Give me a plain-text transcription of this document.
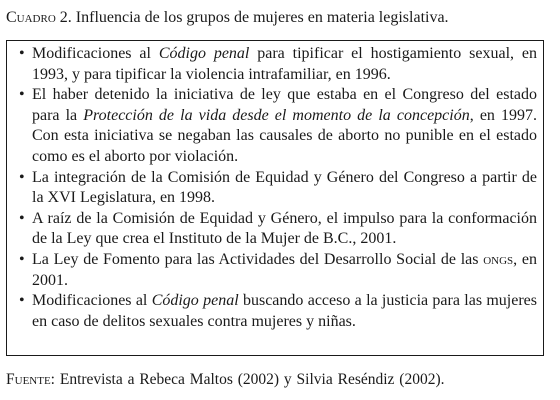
Cuadro 2. Influencia de los grupos de mujeres en materia legislativa.
• Modificaciones al Código penal para tipificar el hostigamiento sexual, en 1993, y para tipificar la violencia intrafamiliar, en 1996.
• El haber detenido la iniciativa de ley que estaba en el Congreso del estado para la Protección de la vida desde el momento de la concepción, en 1997. Con esta iniciativa se negaban las causales de aborto no punible en el estado como es el aborto por violación.
• La integración de la Comisión de Equidad y Género del Congreso a partir de la XVI Legislatura, en 1998.
• A raíz de la Comisión de Equidad y Género, el impulso para la conformación de la Ley que crea el Instituto de la Mujer de B.C., 2001.
• La Ley de Fomento para las Actividades del Desarrollo Social de las ongs, en 2001.
• Modificaciones al Código penal buscando acceso a la justicia para las mujeres en caso de delitos sexuales contra mujeres y niñas.
Fuente: Entrevista a Rebeca Maltos (2002) y Silvia Reséndiz (2002).
